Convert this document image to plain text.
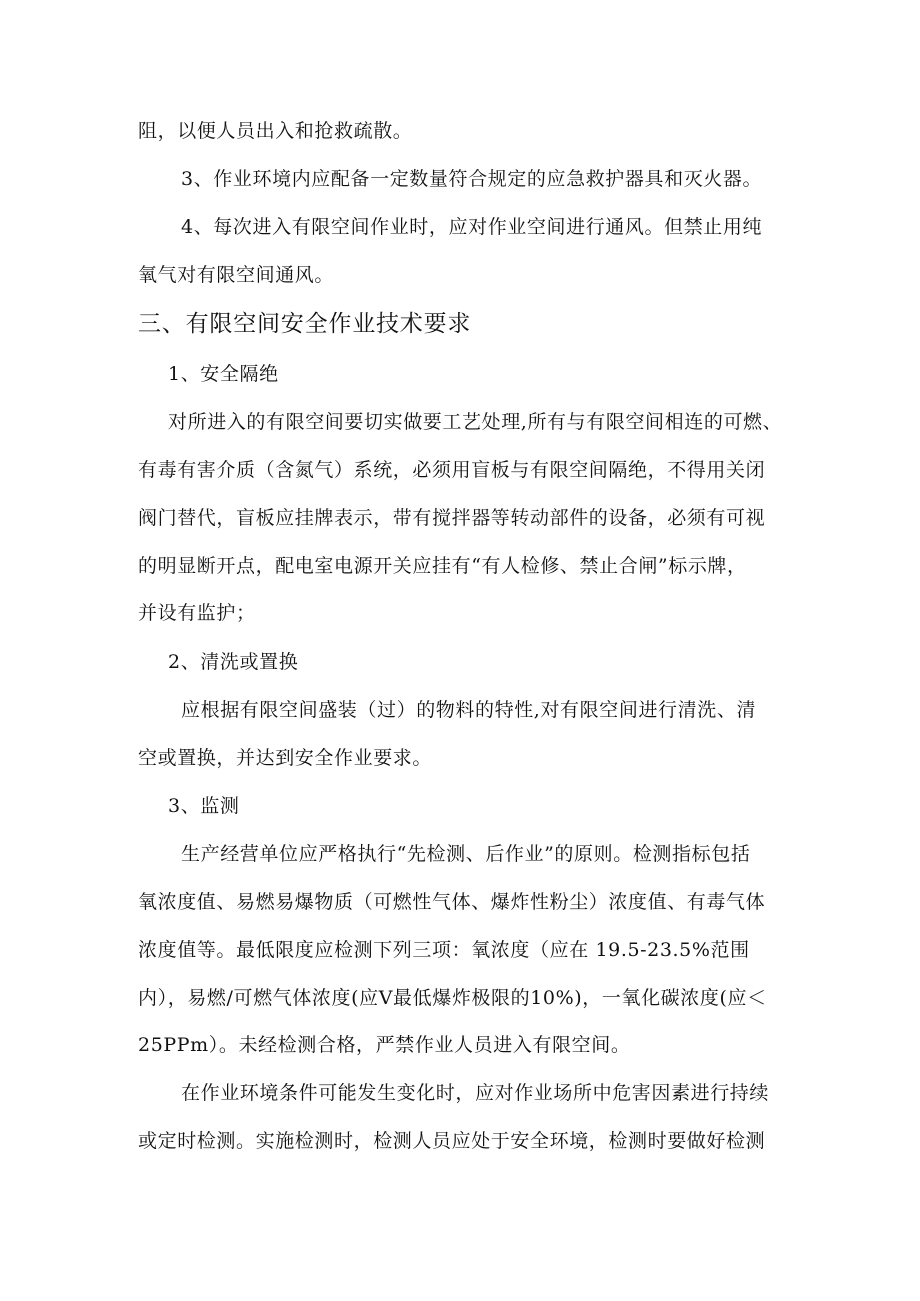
阻，以便人员出入和抢救疏散。
3、作业环境内应配备一定数量符合规定的应急救护器具和灭火器。
4、每次进入有限空间作业时，应对作业空间进行通风。但禁止用纯
氧气对有限空间通风。
三、有限空间安全作业技术要求
1、安全隔绝
对所进入的有限空间要切实做要工艺处理,所有与有限空间相连的可燃、
有毒有害介质（含氮气）系统，必须用盲板与有限空间隔绝，不得用关闭
阀门替代，盲板应挂牌表示，带有搅拌器等转动部件的设备，必须有可视
的明显断开点，配电室电源开关应挂有“有人检修、禁止合闸”标示牌，
并设有监护；
2、清洗或置换
应根据有限空间盛装（过）的物料的特性,对有限空间进行清洗、清
空或置换，并达到安全作业要求。
3、监测
生产经营单位应严格执行“先检测、后作业”的原则。检测指标包括
氧浓度值、易燃易爆物质（可燃性气体、爆炸性粉尘）浓度值、有毒气体
浓度值等。最低限度应检测下列三项：氧浓度（应在 19.5-23.5%范围
内），易燃/可燃气体浓度(应V最低爆炸极限的10%)，一氧化碳浓度(应＜
25PPm）。未经检测合格，严禁作业人员进入有限空间。
在作业环境条件可能发生变化时，应对作业场所中危害因素进行持续
或定时检测。实施检测时，检测人员应处于安全环境，检测时要做好检测
